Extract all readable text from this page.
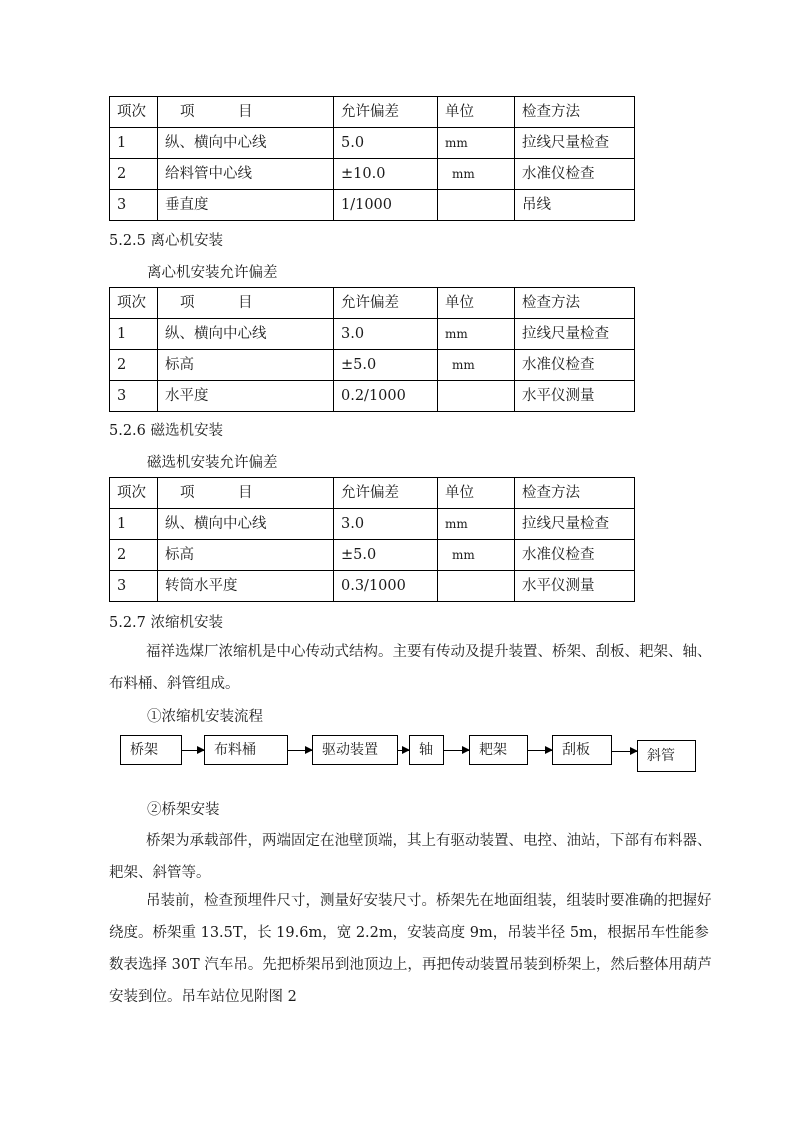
项次	项　　　目	允许偏差	单位	检查方法
1	纵、横向中心线	5.0	mm	拉线尺量检查
2	给料管中心线	±10.0	mm	水准仪检查
3	垂直度	1/1000		吊线
5.2.5 离心机安装
离心机安装允许偏差
项次	项　　　目	允许偏差	单位	检查方法
1	纵、横向中心线	3.0	mm	拉线尺量检查
2	标高	±5.0	mm	水准仪检查
3	水平度	0.2/1000		水平仪测量
5.2.6 磁选机安装
磁选机安装允许偏差
项次	项　　　目	允许偏差	单位	检查方法
1	纵、横向中心线	3.0	mm	拉线尺量检查
2	标高	±5.0	mm	水准仪检查
3	转筒水平度	0.3/1000		水平仪测量
5.2.7 浓缩机安装
福祥选煤厂浓缩机是中心传动式结构。主要有传动及提升装置、桥架、刮板、耙架、轴、布料桶、斜管组成。
①浓缩机安装流程
桥架	布料桶	驱动装置	轴	耙架	刮板	斜管
②桥架安装
桥架为承载部件，两端固定在池壁顶端，其上有驱动装置、电控、油站，下部有布料器、耙架、斜管等。
吊装前，检查预埋件尺寸，测量好安装尺寸。桥架先在地面组装，组装时要准确的把握好绕度。桥架重 13.5T，长 19.6m，宽 2.2m，安装高度 9m，吊装半径 5m，根据吊车性能参数表选择 30T 汽车吊。先把桥架吊到池顶边上，再把传动装置吊装到桥架上，然后整体用葫芦安装到位。吊车站位见附图 2
